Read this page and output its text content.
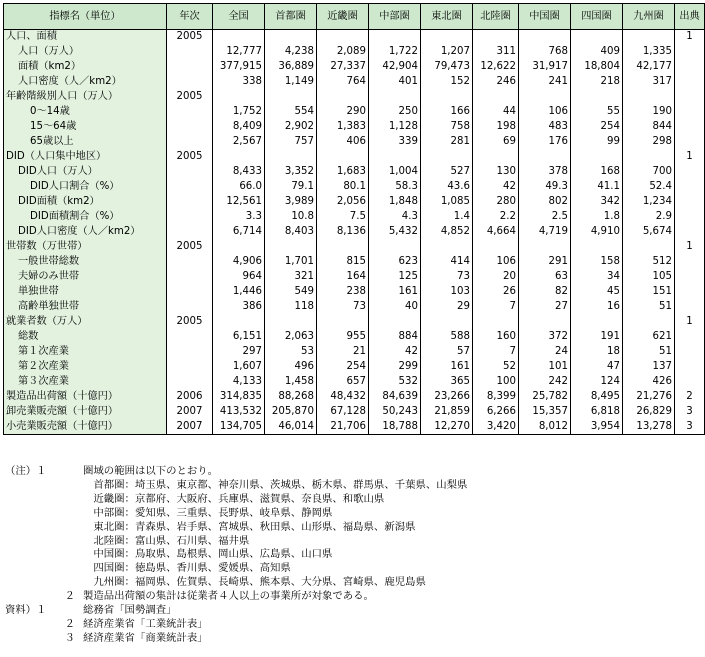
指標名（単位）	年次	全国	首都圏	近畿圏	中部圏	東北圏	北陸圏	中国圏	四国圏	九州圏	出典
人口、面積	2005										1
人口（万人）		12,777	4,238	2,089	1,722	1,207	311	768	409	1,335	
面積（km2）		377,915	36,889	27,337	42,904	79,473	12,622	31,917	18,804	42,177	
人口密度（人／km2）		338	1,149	764	401	152	246	241	218	317	
年齢階級別人口（万人）	2005										
0～14歳		1,752	554	290	250	166	44	106	55	190	
15～64歳		8,409	2,902	1,383	1,128	758	198	483	254	844	
65歳以上		2,567	757	406	339	281	69	176	99	298	
DID（人口集中地区）	2005										1
DID人口（万人）		8,433	3,352	1,683	1,004	527	130	378	168	700	
DID人口割合（%）		66.0	79.1	80.1	58.3	43.6	42	49.3	41.1	52.4	
DID面積（km2）		12,561	3,989	2,056	1,848	1,085	280	802	342	1,234	
DID面積割合（%）		3.3	10.8	7.5	4.3	1.4	2.2	2.5	1.8	2.9	
DID人口密度（人／km2）		6,714	8,403	8,136	5,432	4,852	4,664	4,719	4,910	5,674	
世帯数（万世帯）	2005										1
一般世帯総数		4,906	1,701	815	623	414	106	291	158	512	
夫婦のみ世帯		964	321	164	125	73	20	63	34	105	
単独世帯		1,446	549	238	161	103	26	82	45	151	
高齢単独世帯		386	118	73	40	29	7	27	16	51	
就業者数（万人）	2005										1
総数		6,151	2,063	955	884	588	160	372	191	621	
第１次産業		297	53	21	42	57	7	24	18	51	
第２次産業		1,607	496	254	299	161	52	101	47	137	
第３次産業		4,133	1,458	657	532	365	100	242	124	426	
製造品出荷額（十億円）	2006	314,835	88,268	48,432	84,639	23,266	8,399	25,782	8,495	21,276	2
卸売業販売額（十億円）	2007	413,532	205,870	67,128	50,243	21,859	6,266	15,357	6,818	26,829	3
小売業販売額（十億円）	2007	134,705	46,014	21,706	18,788	12,270	3,420	8,012	3,954	13,278	3
（注）１	圏域の範囲は以下のとおり。
　首都圏：埼玉県、東京都、神奈川県、茨城県、栃木県、群馬県、千葉県、山梨県
　近畿圏：京都府、大阪府、兵庫県、滋賀県、奈良県、和歌山県
　中部圏：愛知県、三重県、長野県、岐阜県、静岡県
　東北圏：青森県、岩手県、宮城県、秋田県、山形県、福島県、新潟県
　北陸圏：富山県、石川県、福井県
　中国圏：鳥取県、島根県、岡山県、広島県、山口県
　四国圏：徳島県、香川県、愛媛県、高知県
　九州圏：福岡県、佐賀県、長崎県、熊本県、大分県、宮崎県、鹿児島県
２ 製造品出荷額の集計は従業者４人以上の事業所が対象である。
資料）１	総務省「国勢調査」
２ 経済産業省「工業統計表」
３ 経済産業省「商業統計表」
